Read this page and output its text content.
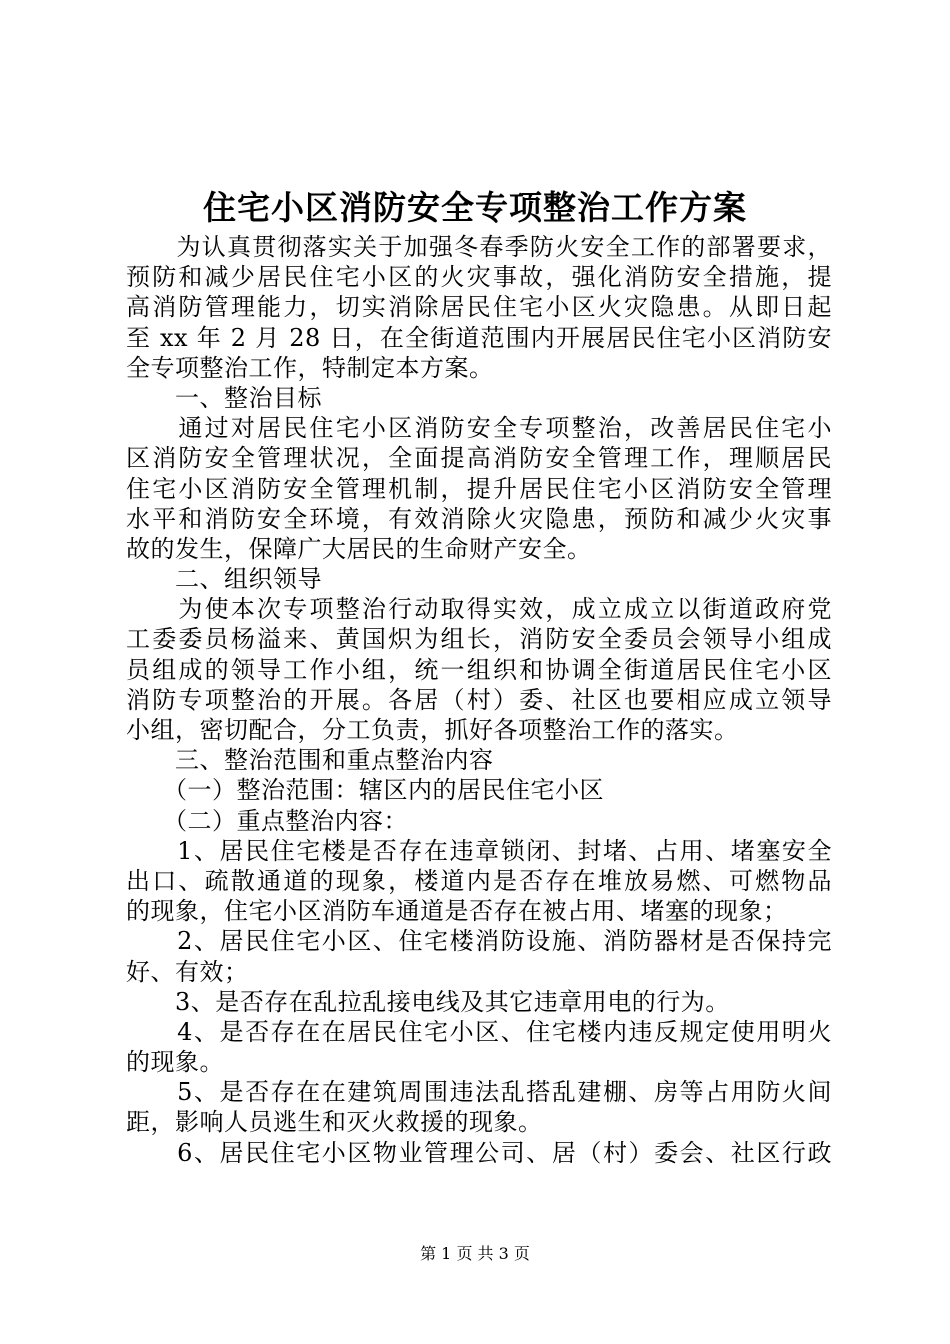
住宅小区消防安全专项整治工作方案
　　为认真贯彻落实关于加强冬春季防火安全工作的部署要求，
预防和减少居民住宅小区的火灾事故，强化消防安全措施，提
高消防管理能力，切实消除居民住宅小区火灾隐患。从即日起
至 xx 年 2 月 28 日，在全街道范围内开展居民住宅小区消防安
全专项整治工作，特制定本方案。
　　一、整治目标
　　通过对居民住宅小区消防安全专项整治，改善居民住宅小
区消防安全管理状况，全面提高消防安全管理工作，理顺居民
住宅小区消防安全管理机制，提升居民住宅小区消防安全管理
水平和消防安全环境，有效消除火灾隐患，预防和减少火灾事
故的发生，保障广大居民的生命财产安全。
　　二、组织领导
　　为使本次专项整治行动取得实效，成立成立以街道政府党
工委委员杨溢来、黄国炽为组长，消防安全委员会领导小组成
员组成的领导工作小组，统一组织和协调全街道居民住宅小区
消防专项整治的开展。各居（村）委、社区也要相应成立领导
小组，密切配合，分工负责，抓好各项整治工作的落实。
　　三、整治范围和重点整治内容
　　（一）整治范围：辖区内的居民住宅小区
　　（二）重点整治内容：
　　1、居民住宅楼是否存在违章锁闭、封堵、占用、堵塞安全
出口、疏散通道的现象，楼道内是否存在堆放易燃、可燃物品
的现象，住宅小区消防车通道是否存在被占用、堵塞的现象；
　　2、居民住宅小区、住宅楼消防设施、消防器材是否保持完
好、有效；
　　3、是否存在乱拉乱接电线及其它违章用电的行为。
　　4、是否存在在居民住宅小区、住宅楼内违反规定使用明火
的现象。
　　5、是否存在在建筑周围违法乱搭乱建棚、房等占用防火间
距，影响人员逃生和灭火救援的现象。
　　6、居民住宅小区物业管理公司、居（村）委会、社区行政
第 1 页 共 3 页
